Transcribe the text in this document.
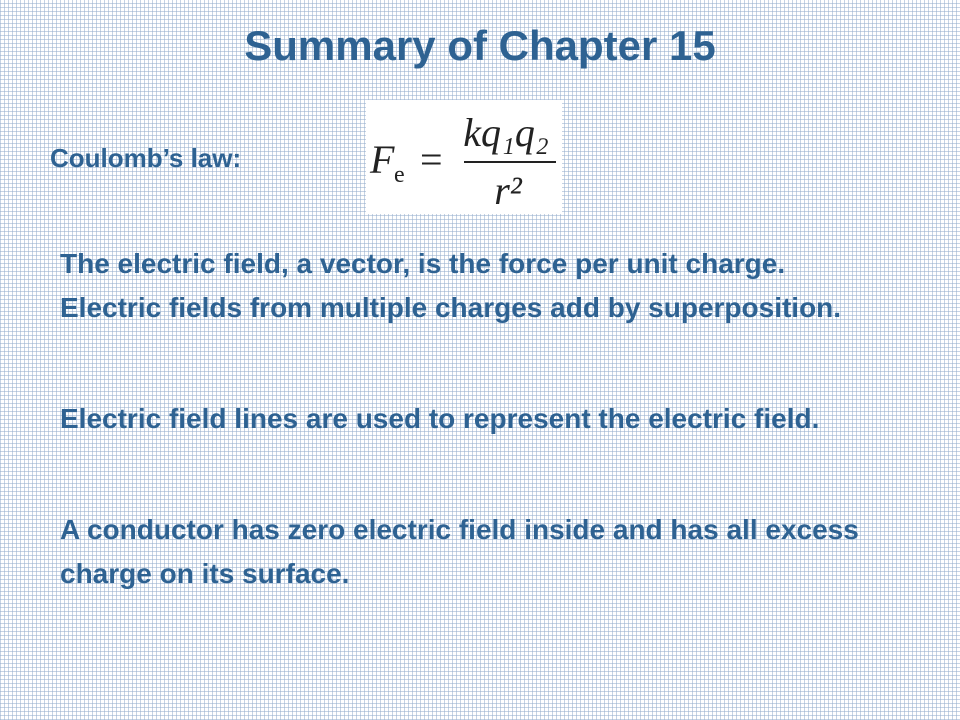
Summary of Chapter 15
Coulomb’s law:	F e =
kq₁q₂
r²
The electric field, a vector, is the force per unit charge. Electric fields from multiple charges add by superposition.
Electric field lines are used to represent the electric field.
A conductor has zero electric field inside and has all excess charge on its surface.
